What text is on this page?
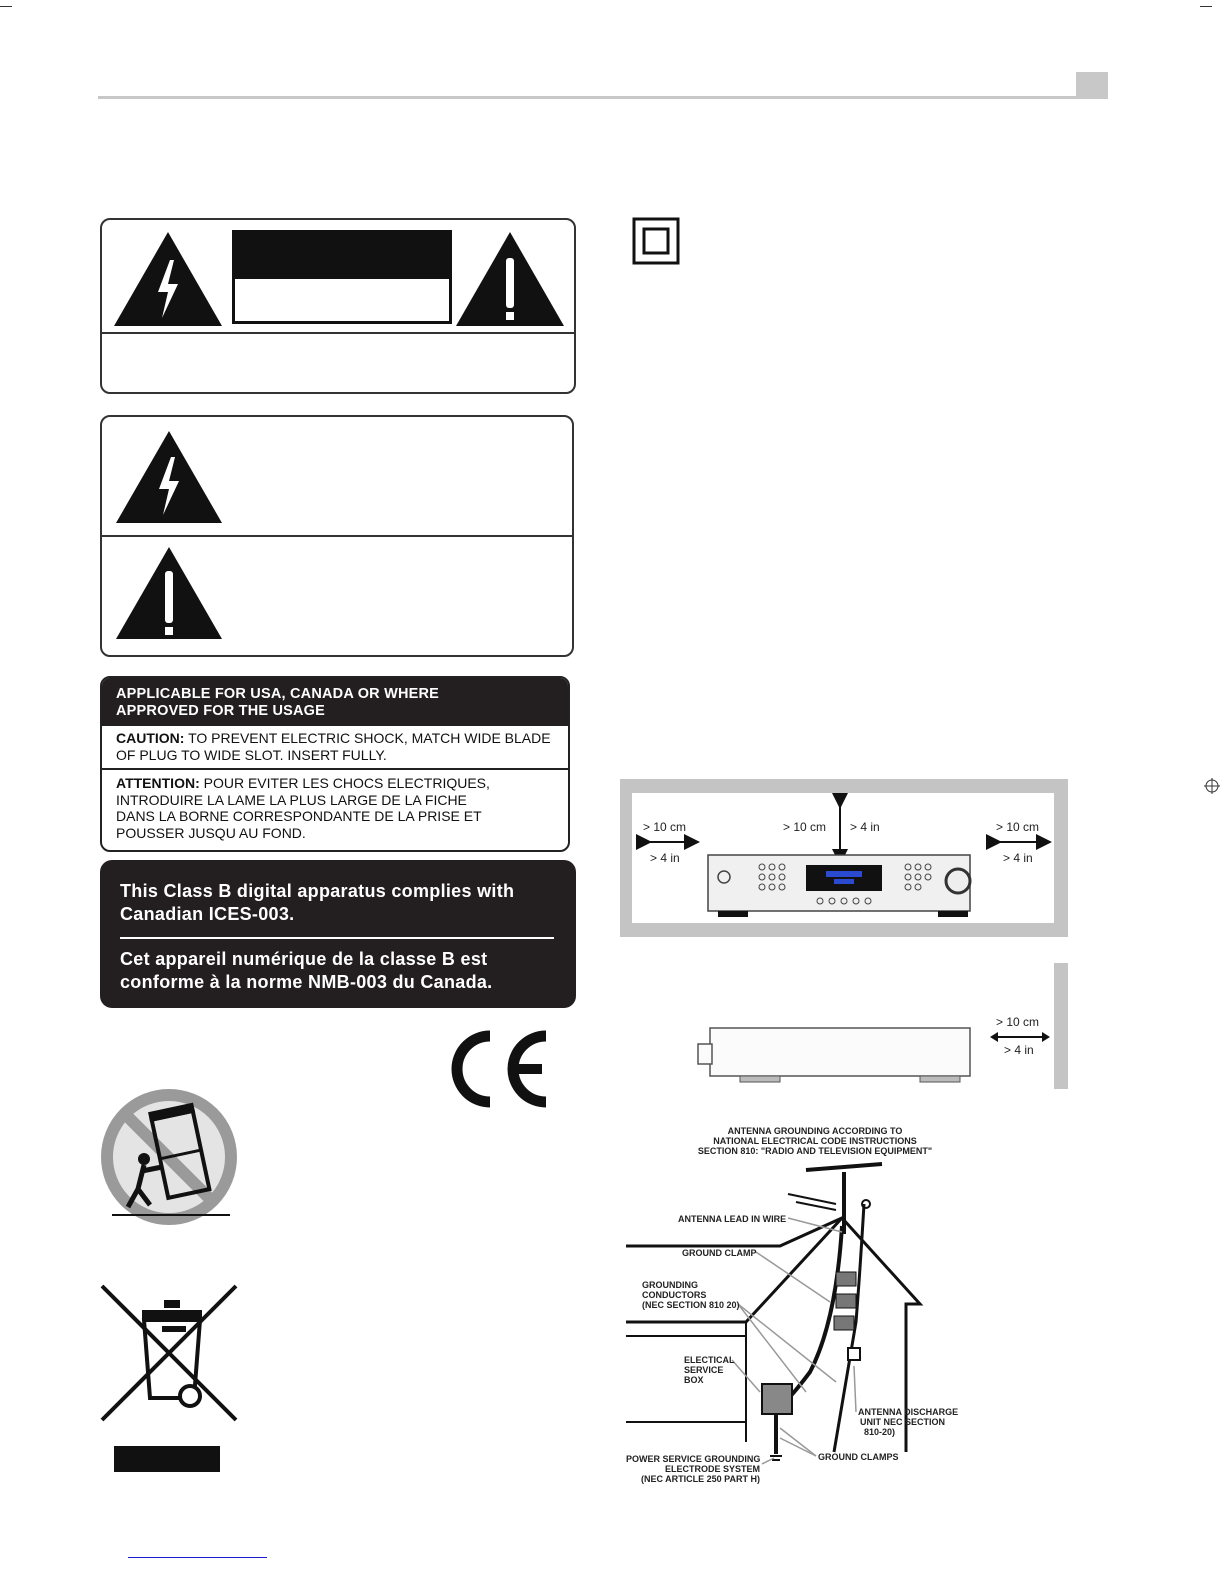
APPLICABLE FOR USA, CANADA OR WHERE
APPROVED FOR THE USAGE
CAUTION: TO PREVENT ELECTRIC SHOCK, MATCH WIDE BLADE
OF PLUG TO WIDE SLOT. INSERT FULLY.
ATTENTION: POUR EVITER LES CHOCS ELECTRIQUES,
INTRODUIRE LA LAME LA PLUS LARGE DE LA FICHE
DANS LA BORNE CORRESPONDANTE DE LA PRISE ET
POUSSER JUSQU AU FOND.
This Class B digital apparatus complies with
Canadian ICES-003.
Cet appareil numérique de la classe B est
conforme à la norme NMB-003 du Canada.
> 10 cm
> 4 in
> 10 cm > 4 in	> 10 cm
> 4 in
> 10 cm
> 4 in
ANTENNA GROUNDING ACCORDING TO
NATIONAL ELECTRICAL CODE INSTRUCTIONS
SECTION 810: "RADIO AND TELEVISION EQUIPMENT"
ANTENNA LEAD IN WIRE
GROUND CLAMP
GROUNDING
CONDUCTORS
(NEC SECTION 810 20)
ELECTICAL
SERVICE
BOX
ANTENNA DISCHARGE
UNIT NEC SECTION
810-20)
GROUND CLAMPS
POWER SERVICE GROUNDING
ELECTRODE SYSTEM
(NEC ARTICLE 250 PART H)
